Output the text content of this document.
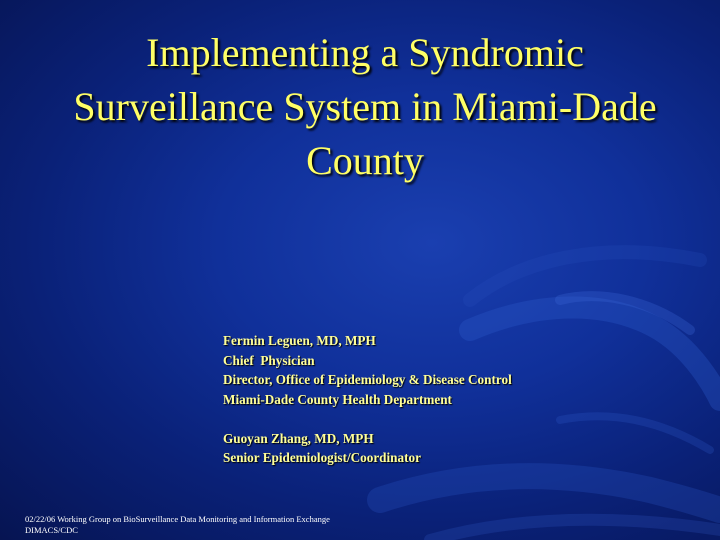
Implementing a Syndromic
Surveillance System in Miami-Dade
County
Fermin Leguen, MD, MPH
Chief  Physician
Director, Office of Epidemiology & Disease Control
Miami-Dade County Health Department
Guoyan Zhang, MD, MPH
Senior Epidemiologist/Coordinator
02/22/06 Working Group on BioSurveillance Data Monitoring and Information Exchange
DIMACS/CDC
